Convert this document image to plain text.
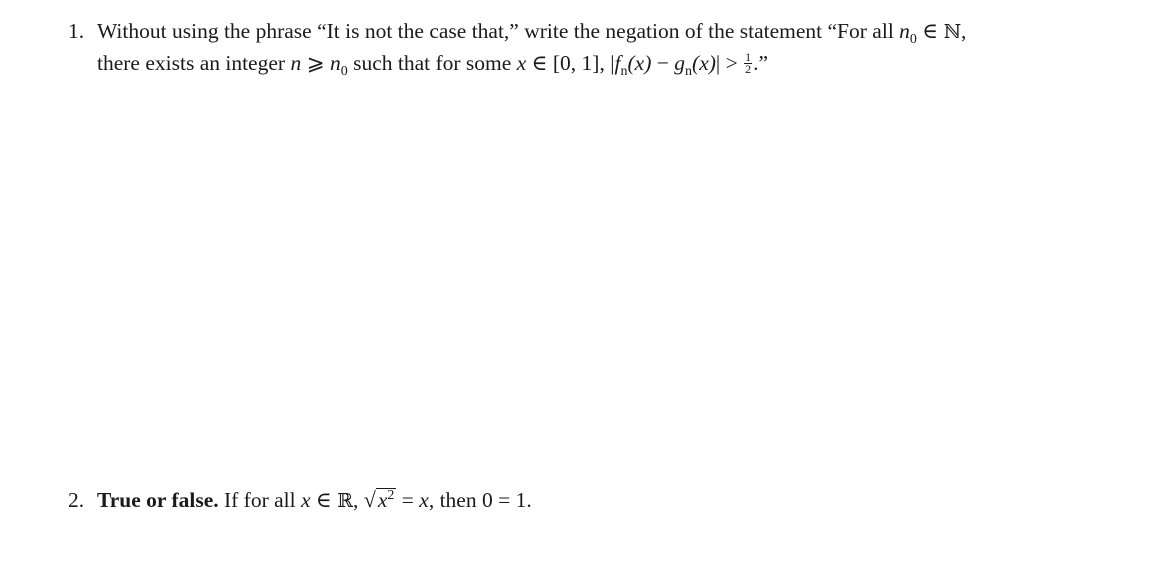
1. Without using the phrase “It is not the case that,” write the negation of the statement “For all $n_0$ ∈ ℕ,
there exists an integer n ⩾ $n_0$ such that for some x ∈ [0, 1], $|f_n(x) - g_n(x)| > \frac{1}{2}$ .”
2. True or false. If for all x ∈ ℝ, $√x^2 = x$, then 0 = 1.
